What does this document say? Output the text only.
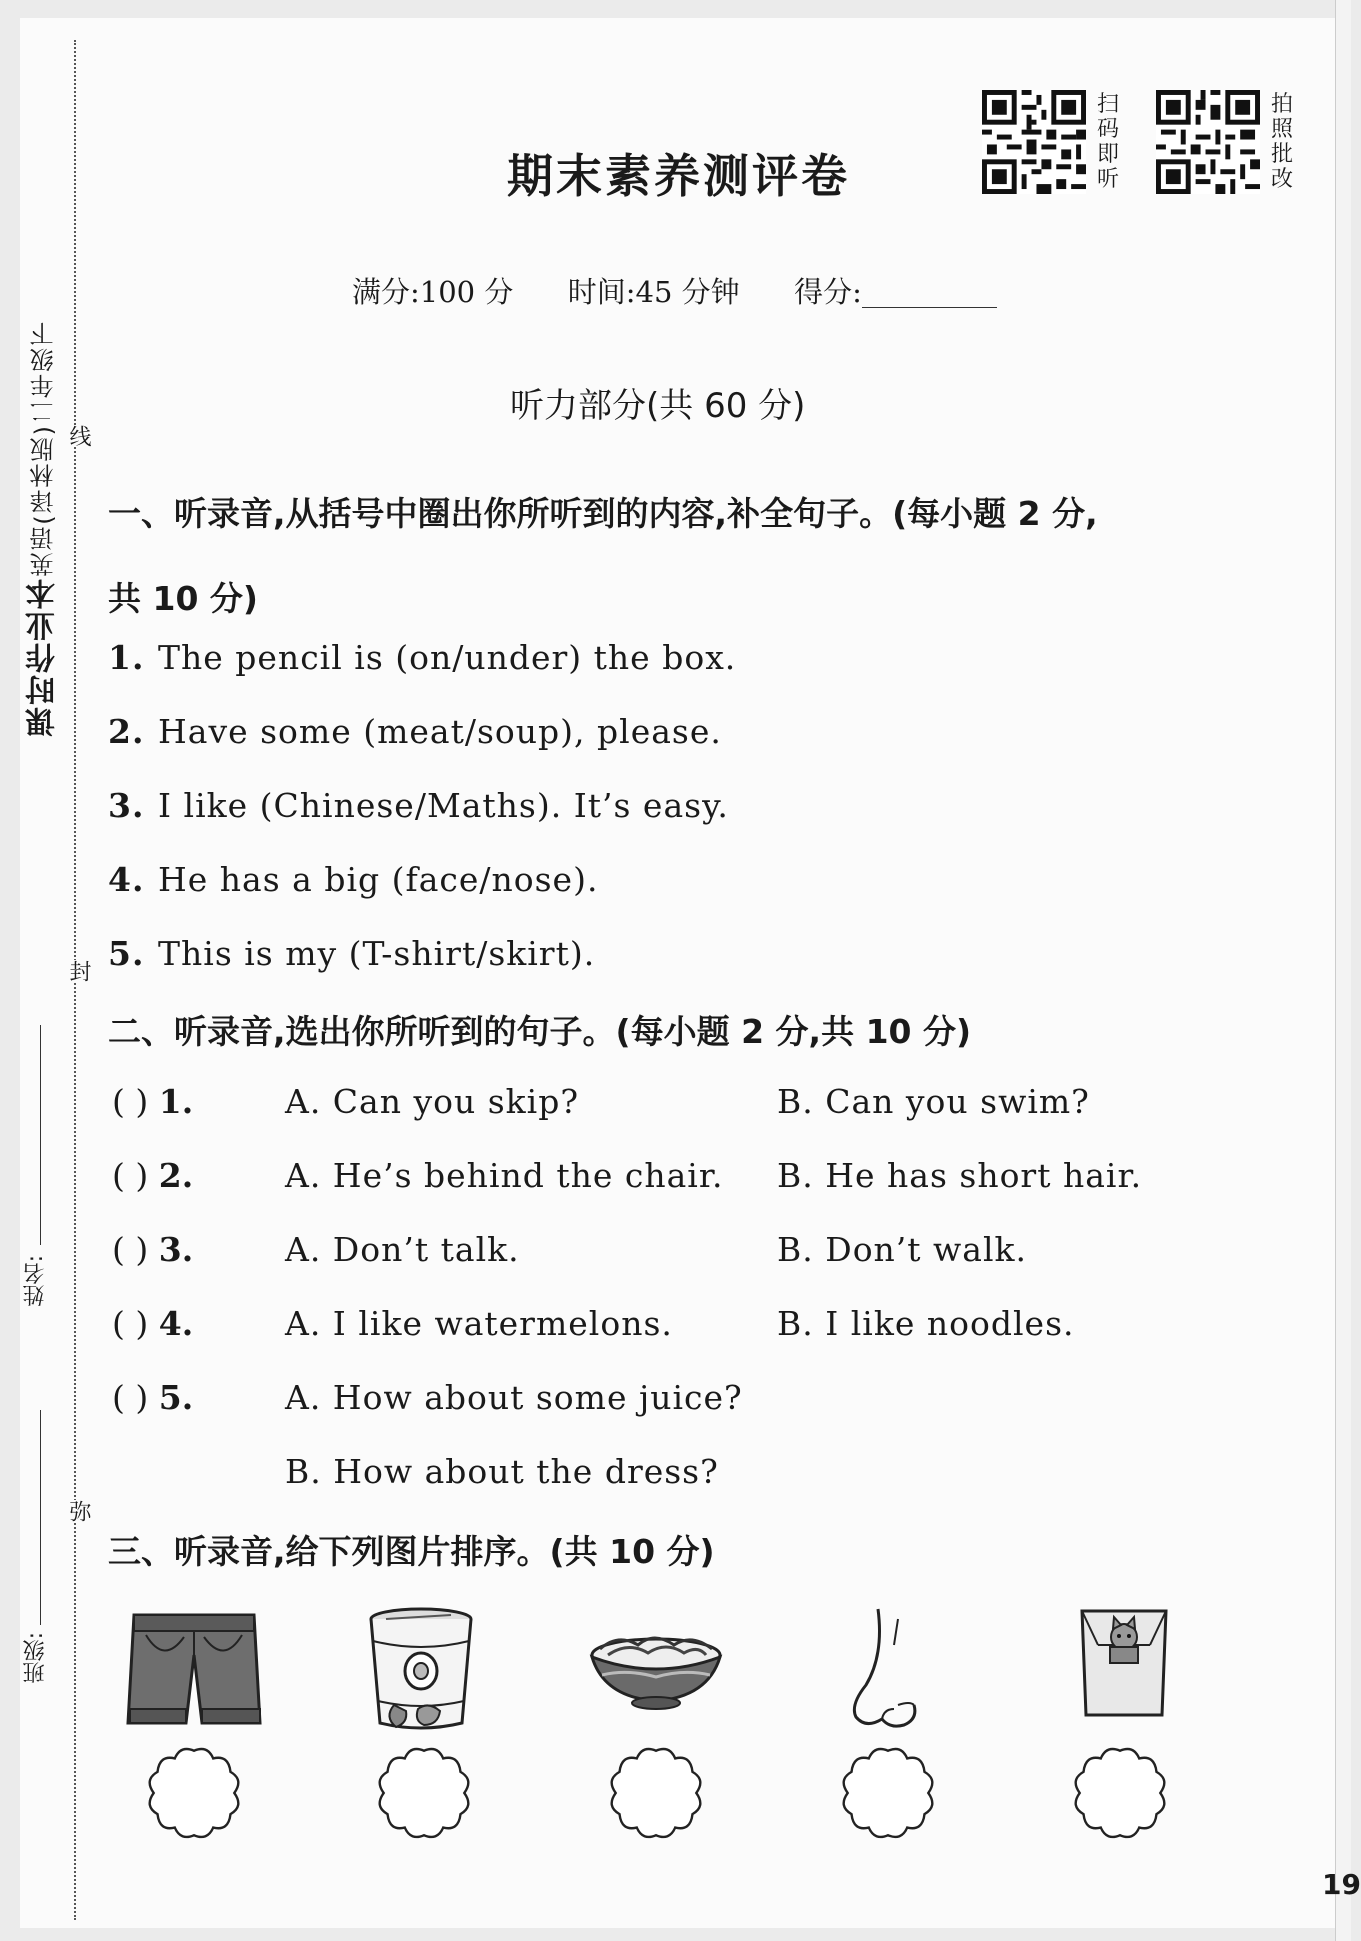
课时作业本英语(译林版)二年级下 线
封
弥
姓名:
班级:
期末素养测评卷
扫
码
即
听
拍
照
批
改
满分:100 分 时间:45 分钟 得分:
听力部分(共 60 分)
一、听录音,从括号中圈出你所听到的内容,补全句子。(每小题 2 分,
共 10 分)
1. The pencil is (on/under) the box.
2. Have some (meat/soup), please.
3. I like (Chinese/Maths). It’s easy.
4. He has a big (face/nose).
5. This is my (T-shirt/skirt).
二、听录音,选出你所听到的句子。(每小题 2 分,共 10 分)
( ) 1.	A. Can you skip?	B. Can you swim?
( ) 2.	A. He’s behind the chair. B. He has short hair.
( ) 3.	A. Don’t talk.	B. Don’t walk.
( ) 4.	A. I like watermelons.	B. I like noodles.
( ) 5.	A. How about some juice?
B. How about the dress?
三、听录音,给下列图片排序。(共 10 分)
19
